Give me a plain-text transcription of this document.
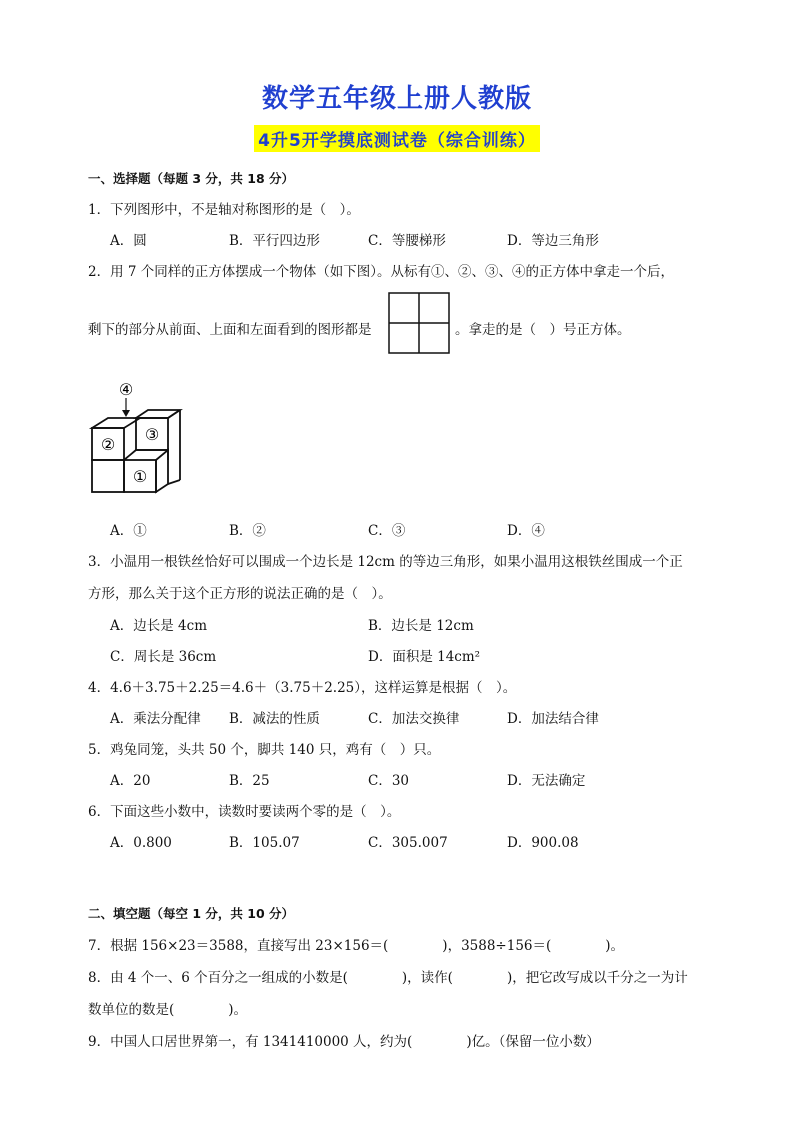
数学五年级上册人教版
4升5开学摸底测试卷（综合训练）
一、选择题（每题 3 分，共 18 分）
1．下列图形中，不是轴对称图形的是（　）。
A．圆	B．平行四边形	C．等腰梯形	D．等边三角形
2．用 7 个同样的正方体摆成一个物体（如下图）。从标有①、②、③、④的正方体中拿走一个后，
剩下的部分从前面、上面和左面看到的图形都是	。拿走的是（　）号正方体。
④
②
③
①
A．①	B．②	C．③	D．④
3．小温用一根铁丝恰好可以围成一个边长是 12cm 的等边三角形，如果小温用这根铁丝围成一个正
方形，那么关于这个正方形的说法正确的是（　）。
A．边长是 4cm	B．边长是 12cm
C．周长是 36cm	D．面积是 14cm²
4．4.6＋3.75＋2.25＝4.6＋（3.75＋2.25），这样运算是根据（　）。
A．乘法分配律 B．减法的性质	C．加法交换律	D．加法结合律
5．鸡兔同笼，头共 50 个，脚共 140 只，鸡有（　）只。
A．20	B．25	C．30	D．无法确定
6．下面这些小数中，读数时要读两个零的是（　）。
A．0.800	B．105.07	C．305.007	D．900.08
二、填空题（每空 1 分，共 10 分）
7．根据 156×23＝3588，直接写出 23×156＝(　　　　)，3588÷156＝(　　　　)。
8．由 4 个一、6 个百分之一组成的小数是(　　　　)，读作(　　　　)，把它改写成以千分之一为计
数单位的数是(　　　　)。
9．中国人口居世界第一，有 1341410000 人，约为(　　　　)亿。（保留一位小数）
